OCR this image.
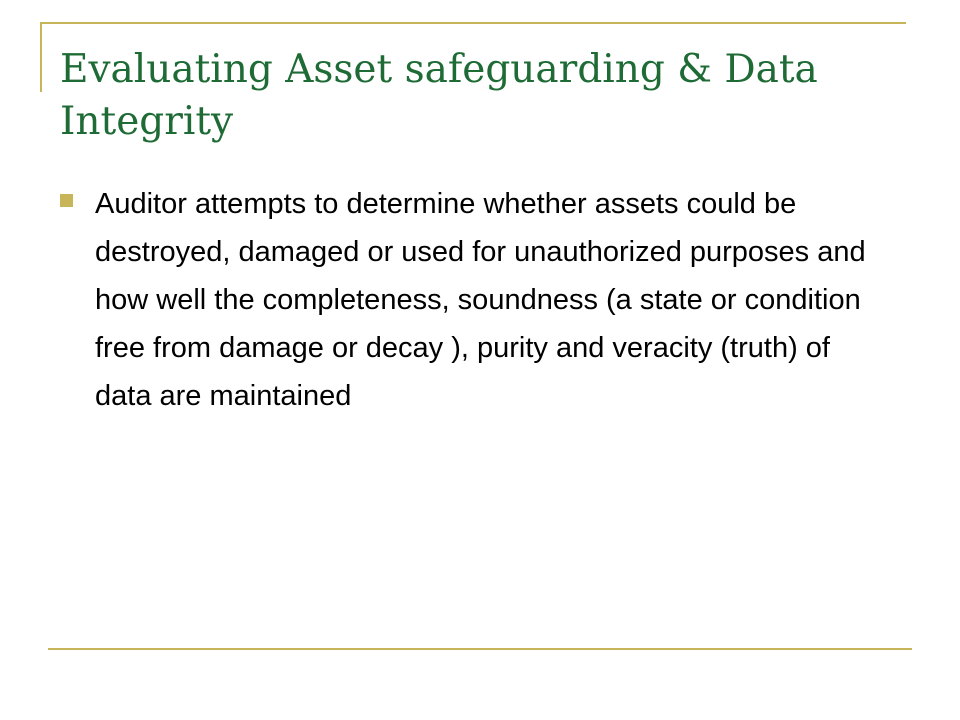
Evaluating Asset safeguarding & Data Integrity
Auditor attempts to determine whether assets could be destroyed, damaged or used for unauthorized purposes and how well the completeness, soundness (a state or condition free from damage or decay ), purity and veracity (truth) of data are maintained
